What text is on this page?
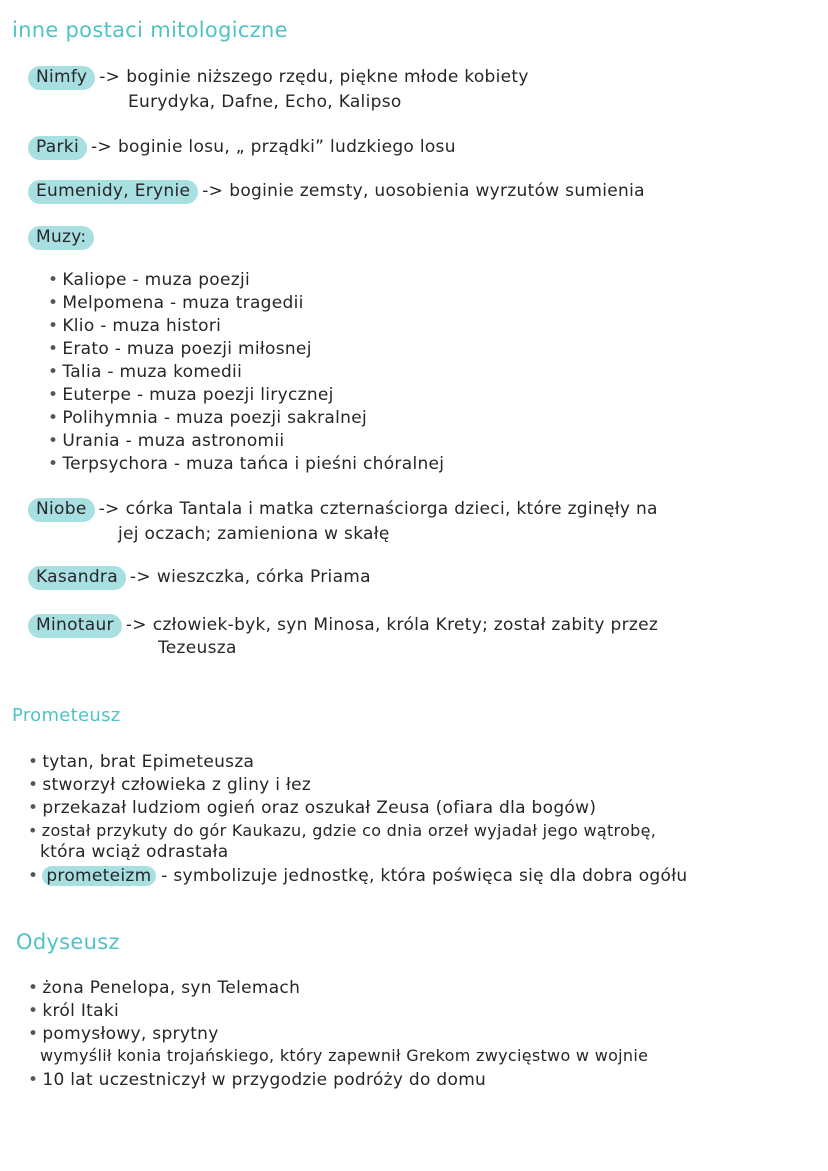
inne postaci mitologiczne
Nimfy -> boginie niższego rzędu, piękne młode kobiety
Eurydyka, Dafne, Echo, Kalipso
Parki -> boginie losu, „ prządki” ludzkiego losu
Eumenidy, Erynie -> boginie zemsty, uosobienia wyrzutów sumienia
Muzy:
• Kaliope - muza poezji
• Melpomena - muza tragedii
• Klio - muza histori
• Erato - muza poezji miłosnej
• Talia - muza komedii
• Euterpe - muza poezji lirycznej
• Polihymnia - muza poezji sakralnej
• Urania - muza astronomii
• Terpsychora - muza tańca i pieśni chóralnej
Niobe -> córka Tantala i matka czternaściorga dzieci, które zginęły na
jej oczach; zamieniona w skałę
Kasandra -> wieszczka, córka Priama
Minotaur -> człowiek-byk, syn Minosa, króla Krety; został zabity przez
Tezeusza
Prometeusz
• tytan, brat Epimeteusza
• stworzył człowieka z gliny i łez
• przekazał ludziom ogień oraz oszukał Zeusa (ofiara dla bogów)
• został przykuty do gór Kaukazu, gdzie co dnia orzeł wyjadał jego wątrobę,
która wciąż odrastała
• prometeizm - symbolizuje jednostkę, która poświęca się dla dobra ogółu
Odyseusz
• żona Penelopa, syn Telemach
• król Itaki
• pomysłowy, sprytny
wymyślił konia trojańskiego, który zapewnił Grekom zwycięstwo w wojnie
• 10 lat uczestniczył w przygodzie podróży do domu
